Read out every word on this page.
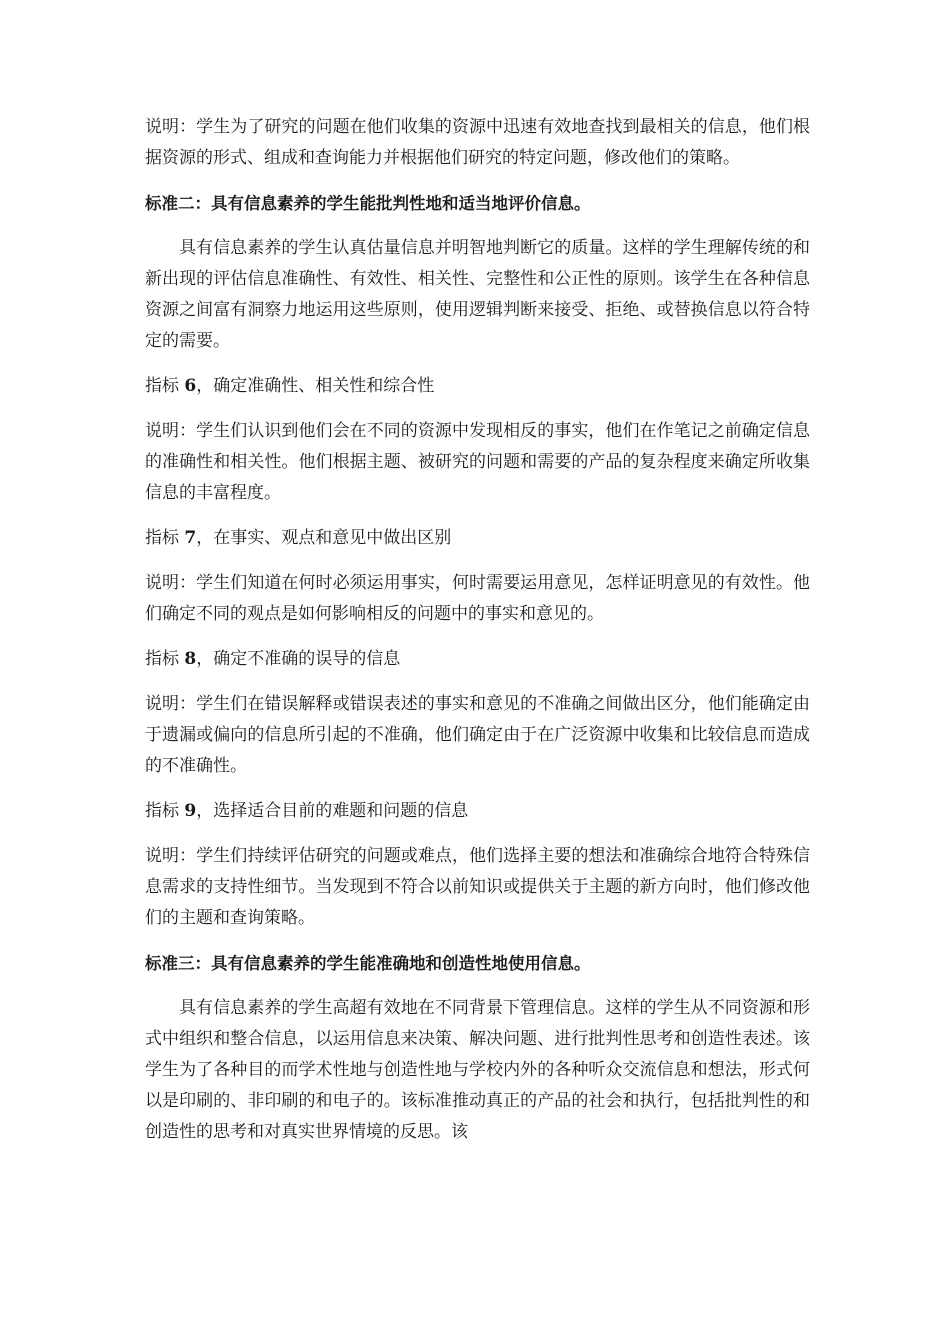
说明：学生为了研究的问题在他们收集的资源中迅速有效地查找到最相关的信息，他们根据资源的形式、组成和查询能力并根据他们研究的特定问题，修改他们的策略。

标准二：具有信息素养的学生能批判性地和适当地评价信息。

具有信息素养的学生认真估量信息并明智地判断它的质量。这样的学生理解传统的和新出现的评估信息准确性、有效性、相关性、完整性和公正性的原则。该学生在各种信息资源之间富有洞察力地运用这些原则，使用逻辑判断来接受、拒绝、或替换信息以符合特定的需要。

指标 6，确定准确性、相关性和综合性

说明：学生们认识到他们会在不同的资源中发现相反的事实，他们在作笔记之前确定信息的准确性和相关性。他们根据主题、被研究的问题和需要的产品的复杂程度来确定所收集信息的丰富程度。

指标 7，在事实、观点和意见中做出区别

说明：学生们知道在何时必须运用事实，何时需要运用意见，怎样证明意见的有效性。他们确定不同的观点是如何影响相反的问题中的事实和意见的。

指标 8，确定不准确的误导的信息

说明：学生们在错误解释或错误表述的事实和意见的不准确之间做出区分，他们能确定由于遗漏或偏向的信息所引起的不准确，他们确定由于在广泛资源中收集和比较信息而造成的不准确性。

指标 9，选择适合目前的难题和问题的信息

说明：学生们持续评估研究的问题或难点，他们选择主要的想法和准确综合地符合特殊信息需求的支持性细节。当发现到不符合以前知识或提供关于主题的新方向时，他们修改他们的主题和查询策略。

标准三：具有信息素养的学生能准确地和创造性地使用信息。

具有信息素养的学生高超有效地在不同背景下管理信息。这样的学生从不同资源和形式中组织和整合信息，以运用信息来决策、解决问题、进行批判性思考和创造性表述。该学生为了各种目的而学术性地与创造性地与学校内外的各种听众交流信息和想法，形式何以是印刷的、非印刷的和电子的。该标准推动真正的产品的社会和执行，包括批判性的和创造性的思考和对真实世界情境的反思。该
